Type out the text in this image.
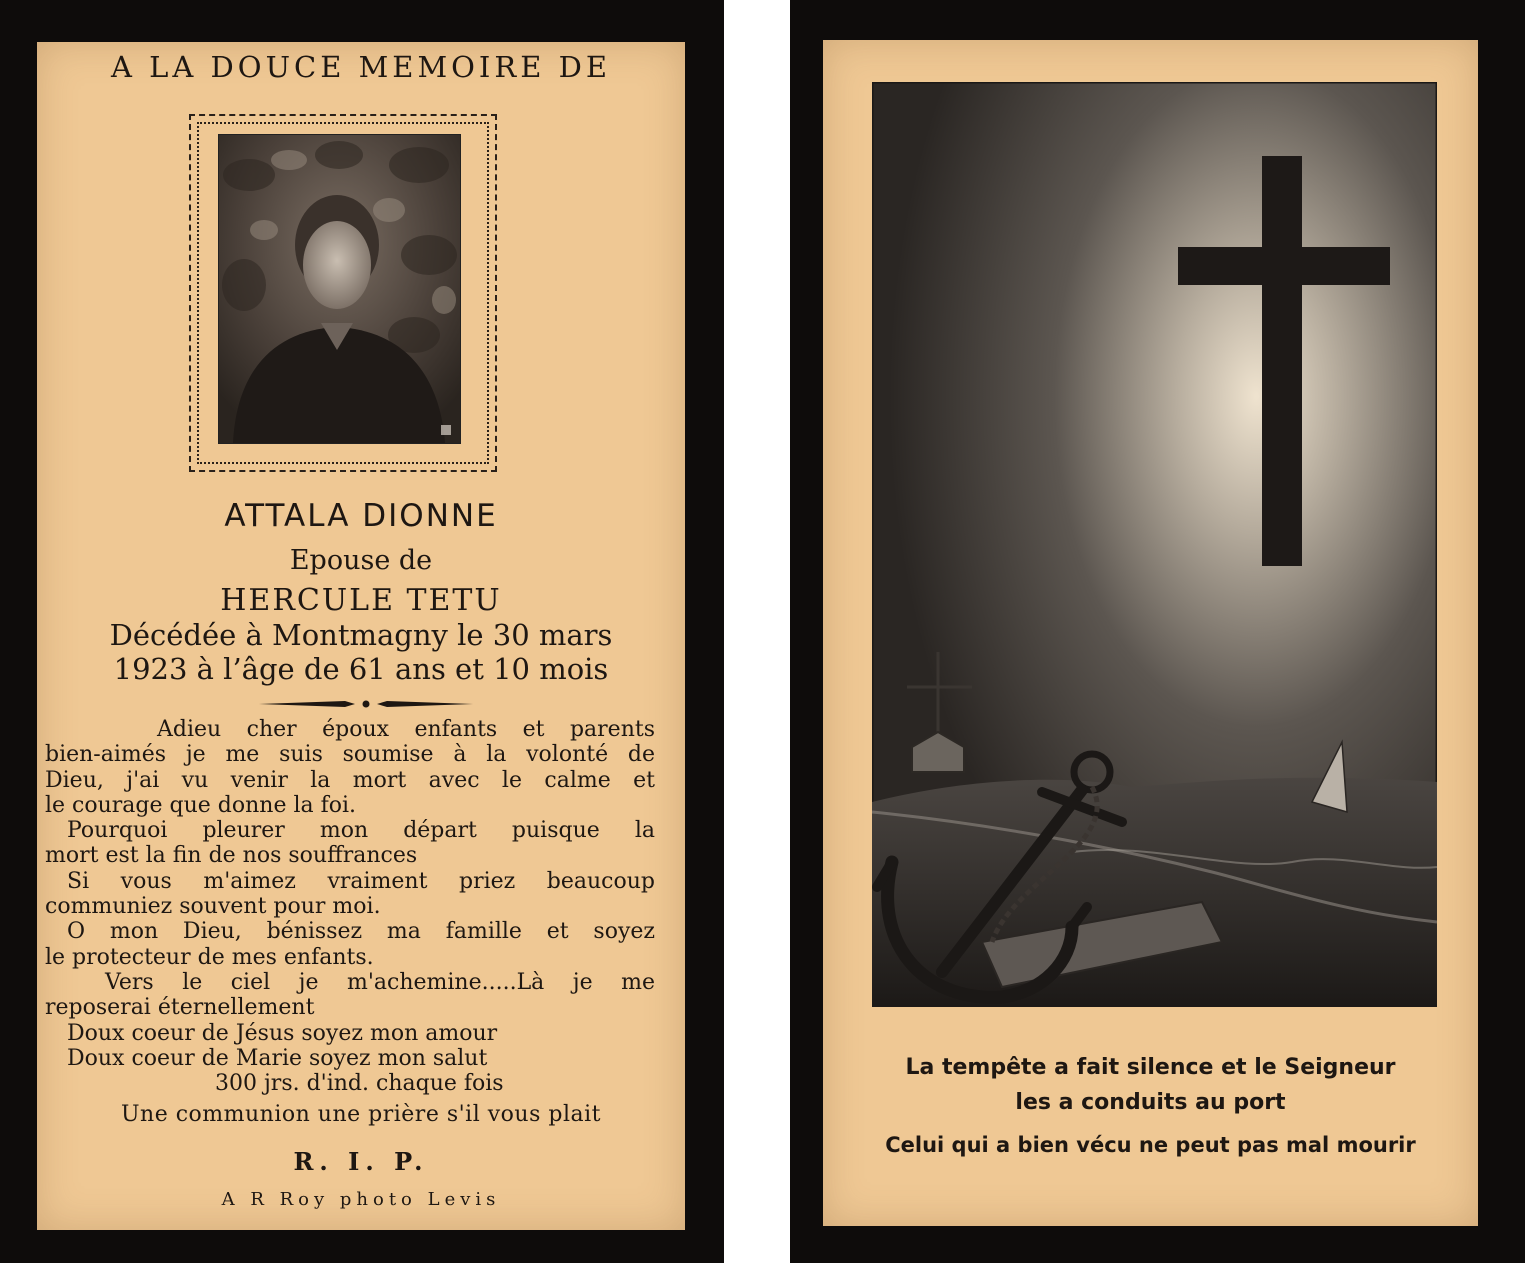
A LA DOUCE MEMOIRE DE
ATTALA DIONNE
Epouse de
HERCULE TETU
Décédée à Montmagny le 30 mars
1923 à l’âge de 61 ans et 10 mois
Adieu cher époux enfants et parents
bien-aimés je me suis soumise à la volonté de
Dieu, j'ai vu venir la mort avec le calme et
le courage que donne la foi.
Pourquoi pleurer mon départ puisque la
mort est la fin de nos souffrances
Si vous m'aimez vraiment priez beaucoup
communiez souvent pour moi.
O mon Dieu, bénissez ma famille et soyez
le protecteur de mes enfants.
Vers le ciel je m'achemine.....Là je me
reposerai éternellement
Doux coeur de Jésus soyez mon amour
Doux coeur de Marie soyez mon salut
300 jrs. d'ind. chaque fois
Une communion une prière s'il vous plait
R. I. P.
A R Roy photo Levis
La tempête a fait silence et le Seigneur
les a conduits au port
Celui qui a bien vécu ne peut pas mal mourir
